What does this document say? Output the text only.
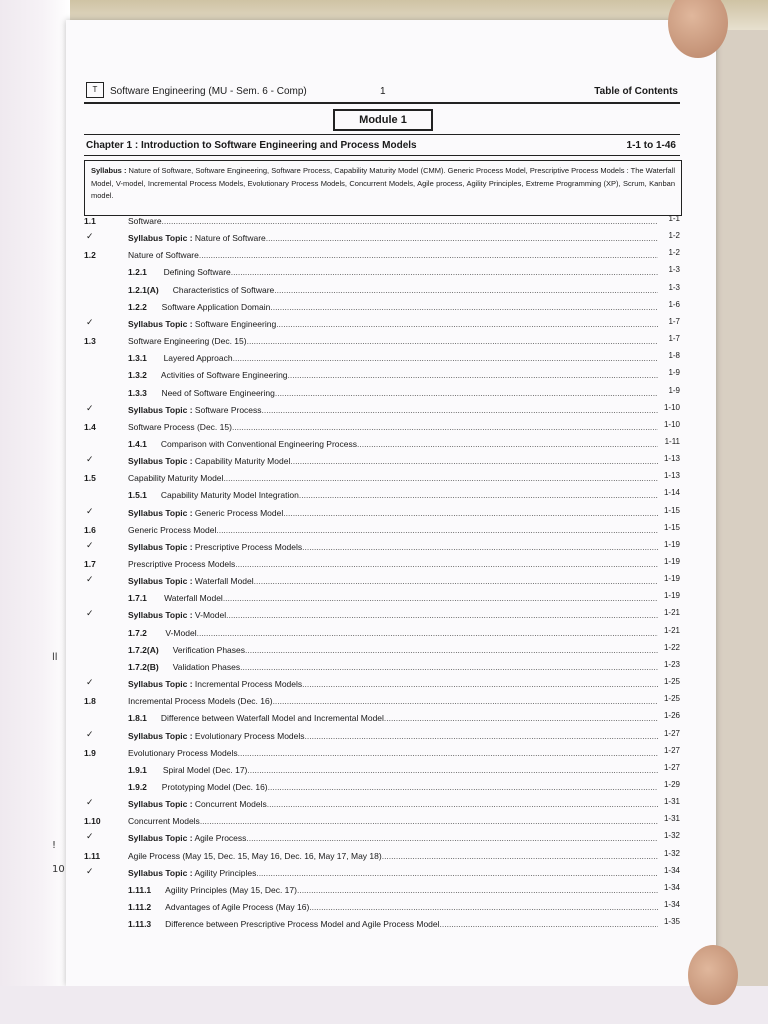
ll
!
10
T	Software Engineering (MU - Sem. 6 - Comp)	1	Table of Contents
Module 1
Chapter 1 : Introduction to Software Engineering and Process Models	1-1 to 1-46
Syllabus : Nature of Software, Software Engineering, Software Process, Capability Maturity Model (CMM). Generic Process Model, Prescriptive Process Models : The Waterfall Model, V-model, Incremental Process Models, Evolutionary Process Models, Concurrent Models, Agile process, Agility Principles, Extreme Programming (XP), Scrum, Kanban model.
1.1	Software .....	1-1
✓	Syllabus Topic : Nature of Software .....	1-2
1.2	Nature of Software .....	1-2
1.2.1	Defining Software .....	1-3
1.2.1(A) Characteristics of Software .....	1-3
1.2.2 Software Application Domain .....	1-6
✓	Syllabus Topic : Software Engineering .....	1-7
1.3	Software Engineering (Dec. 15) .....	1-7
1.3.1	Layered Approach .....	1-8
1.3.2 Activities of Software Engineering .....	1-9
1.3.3 Need of Software Engineering .....	1-9
✓	Syllabus Topic : Software Process .....	1-10
1.4	Software Process (Dec. 15) .....	1-10
1.4.1 Comparison with Conventional Engineering Process .....	1-11
✓	Syllabus Topic : Capability Maturity Model .....	1-13
1.5	Capability Maturity Model .....	1-13
1.5.1 Capability Maturity Model Integration .....	1-14
✓	Syllabus Topic : Generic Process Model .....	1-15
1.6	Generic Process Model .....	1-15
✓	Syllabus Topic : Prescriptive Process Models .....	1-19
1.7	Prescriptive Process Models .....	1-19
✓	Syllabus Topic : Waterfall Model .....	1-19
1.7.1	Waterfall Model .....	1-19
✓	Syllabus Topic : V-Model .....	1-21
1.7.2	V-Model .....	1-21
1.7.2(A) Verification Phases .....	1-22
1.7.2(B) Validation Phases .....	1-23
✓	Syllabus Topic : Incremental Process Models .....	1-25
1.8	Incremental Process Models (Dec. 16) .....	1-25
1.8.1 Difference between Waterfall Model and Incremental Model .....	1-26
✓	Syllabus Topic : Evolutionary Process Models .....	1-27
1.9	Evolutionary Process Models .....	1-27
1.9.1 Spiral Model (Dec. 17) .....	1-27
1.9.2 Prototyping Model (Dec. 16) .....	1-29
✓	Syllabus Topic : Concurrent Models .....	1-31
1.10	Concurrent Models .....	1-31
✓	Syllabus Topic : Agile Process .....	1-32
1.11	Agile Process (May 15, Dec. 15, May 16, Dec. 16, May 17, May 18) .....	1-32
✓	Syllabus Topic : Agility Principles .....	1-34
1.11.1 Agility Principles (May 15, Dec. 17) .....	1-34
1.11.2 Advantages of Agile Process (May 16) .....	1-34
1.11.3 Difference between Prescriptive Process Model and Agile Process Model .....	1-35
